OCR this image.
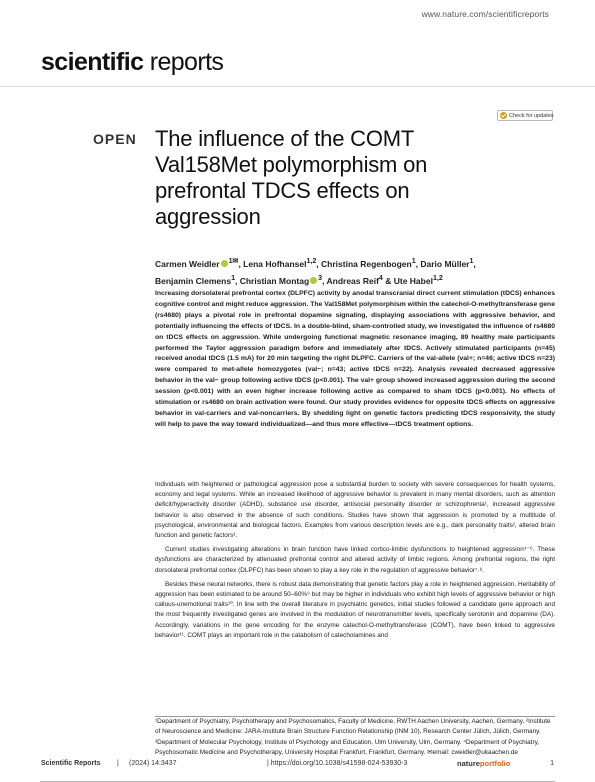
www.nature.com/scientificreports
scientific reports
Check for updates
OPEN The influence of the COMT Val158Met polymorphism on prefrontal TDCS effects on aggression
Carmen Weidler $^{1✉}$, Lena Hofhansel$^{1,2}$, Christina Regenbogen$^1$, Dario Müller$^1$,
Benjamin Clemens$^1$, Christian Montag $^3$, Andreas Reif$^4$ & Ute Habel$^{1,2}$

Increasing dorsolateral prefrontal cortex (DLPFC) activity by anodal transcranial direct current stimulation (tDCS) enhances cognitive control and might reduce aggression. The Val158Met polymorphism within the catechol-O-methyltransferase gene (rs4680) plays a pivotal role in prefrontal dopamine signaling, displaying associations with aggressive behavior, and potentially influencing the effects of tDCS. In a double-blind, sham-controlled study, we investigated the influence of rs4680 on tDCS effects on aggression. While undergoing functional magnetic resonance imaging, 89 healthy male participants performed the Taylor aggression paradigm before and immediately after tDCS. Actively stimulated participants (n=45) received anodal tDCS (1.5 mA) for 20 min targeting the right DLPFC. Carriers of the val-allele (val+; n=46; active tDCS n=23) were compared to met-allele homozygotes (val−; n=43; active tDCS n=22). Analysis revealed decreased aggressive behavior in the val− group following active tDCS (p<0.001). The val+ group showed increased aggression during the second session (p<0.001) with an even higher increase following active as compared to sham tDCS (p<0.001). No effects of stimulation or rs4680 on brain activation were found. Our study provides evidence for opposite tDCS effects on aggressive behavior in val-carriers and val-noncarriers. By shedding light on genetic factors predicting tDCS responsivity, the study will help to pave the way toward individualized—and thus more effective—tDCS treatment options.

Individuals with heightened or pathological aggression pose a substantial burden to society with severe consequences for health systems, economy and legal systems. While an increased likelihood of aggressive behavior is prevalent in many mental disorders, such as attention deficit/hyperactivity disorder (ADHD), substance use disorder, antisocial personality disorder or schizophrenia¹, increased aggressive behavior is also observed in the absence of such conditions. Studies have shown that aggression is promoted by a multitude of psychological, environmental and biological factors. Examples from various description levels are e.g., dark personality traits², altered brain function and genetic factors³.

Current studies investigating alterations in brain function have linked cortico-limbic dysfunctions to heightened aggression⁴⁻⁶. These dysfunctions are characterized by attenuated prefrontal control and altered activity of limbic regions. Among prefrontal regions, the right dorsolateral prefrontal cortex (DLPFC) has been shown to play a key role in the regulation of aggressive behavior⁷˒⁸.

Besides these neural networks, there is robust data demonstrating that genetic factors play a role in heightened aggression. Heritability of aggression has been estimated to be around 50–60%⁹ but may be higher in individuals who exhibit high levels of aggressive behavior or high callous-unemotional traits¹⁰. In line with the overall literature in psychiatric genetics, initial studies followed a candidate gene approach and the most frequently investigated genes are involved in the modulation of neurotransmitter levels, specifically serotonin and dopamine (DA). Accordingly, variations in the gene encoding for the enzyme catechol-O-methyltransferase (COMT), have been linked to aggressive behavior¹¹. COMT plays an important role in the catabolism of catecholamines and

¹Department of Psychiatry, Psychotherapy and Psychosomatics, Faculty of Medicine, RWTH Aachen University, Aachen, Germany. ²Institute of Neuroscience and Medicine: JARA-Institute Brain Structure Function Relationship (INM 10), Research Center Jülich, Jülich, Germany. ³Department of Molecular Psychology, Institute of Psychology and Education, Ulm University, Ulm, Germany. ⁴Department of Psychiatry, Psychosomatic Medicine and Psychotherapy, University Hospital Frankfurt, Frankfurt, Germany. ✉email: cweidler@ukaachen.de

Scientific Reports | (2024) 14:3437	| https://doi.org/10.1038/s41598-024-53930-3	natureportfolio	1
